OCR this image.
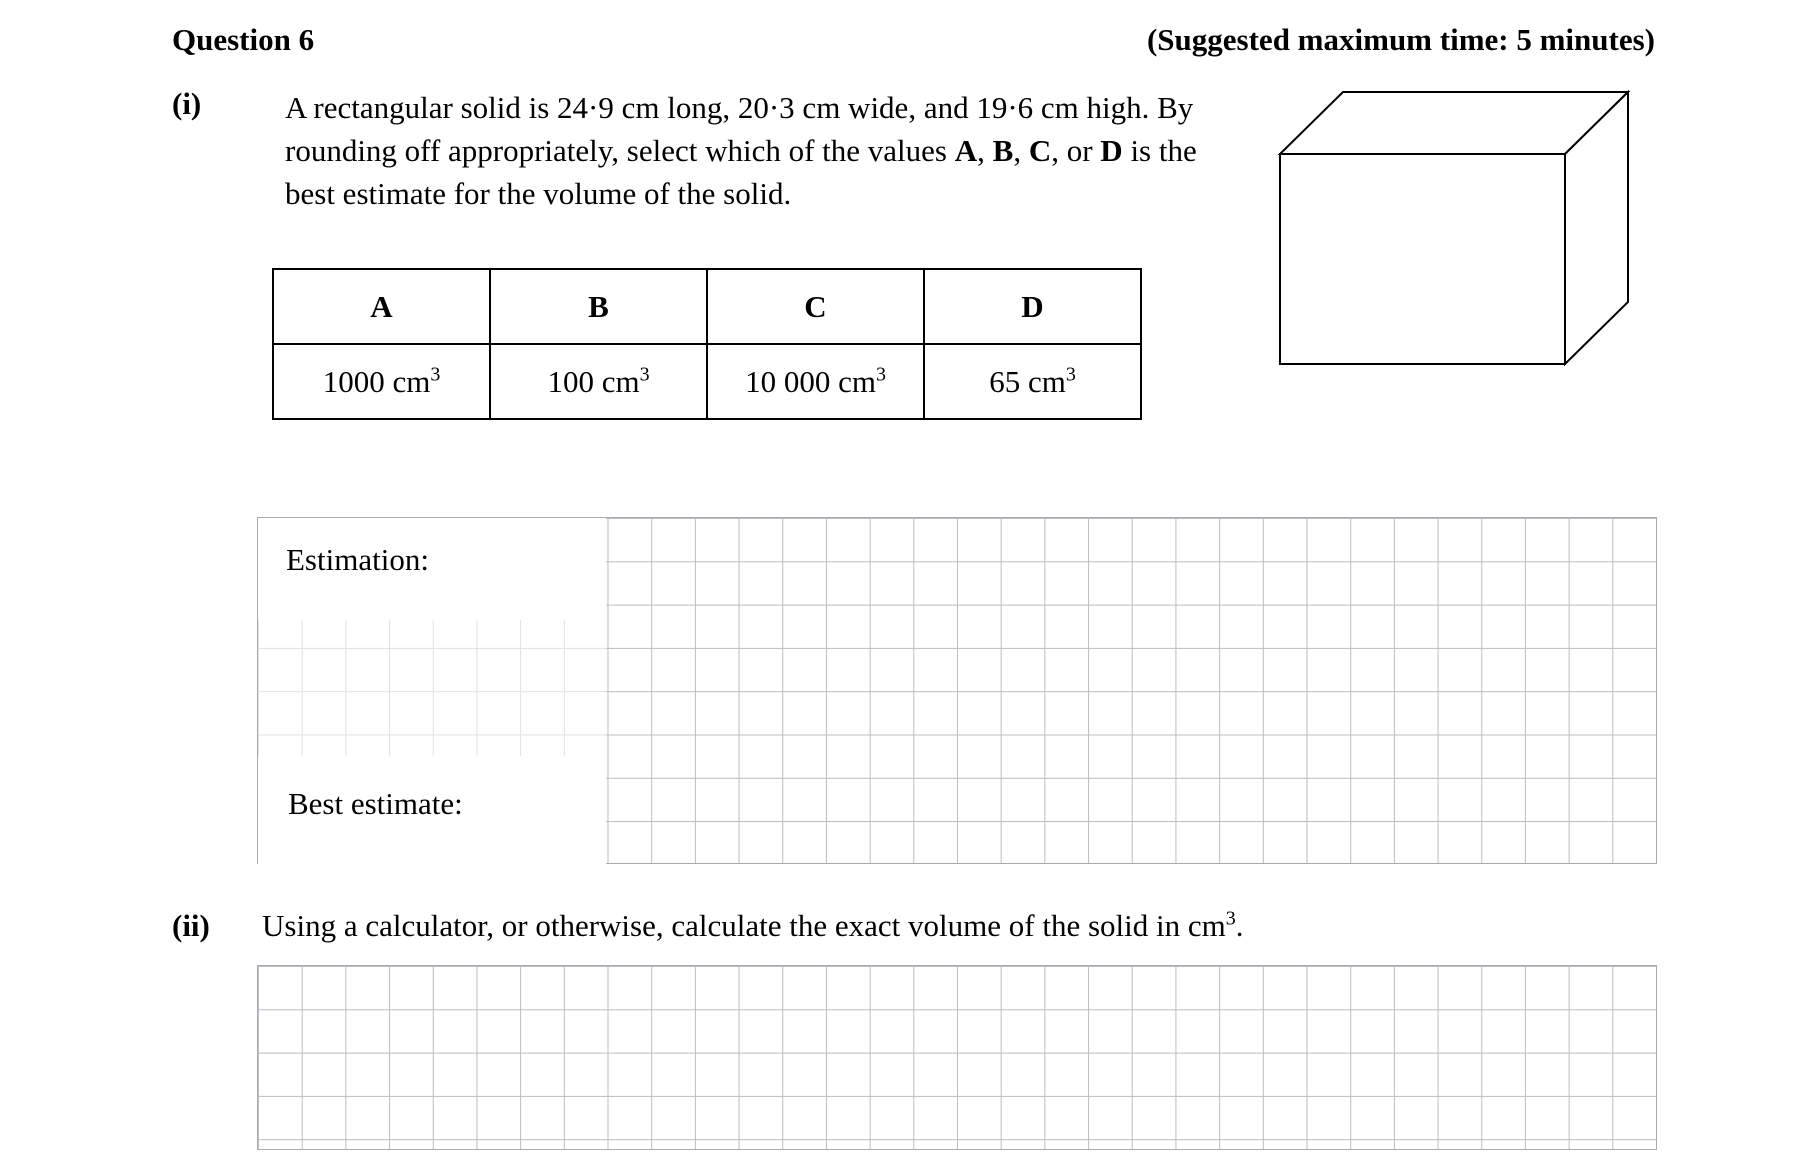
Question 6	(Suggested maximum time: 5 minutes)
(i)	A rectangular solid is 24·9 cm long, 20·3 cm wide, and 19·6 cm high. By rounding off appropriately, select which of the values A, B, C, or D is the best estimate for the volume of the solid.
A	B	C	D
1000 $cm^3$	100 $cm^3$	10 000 $cm^3$	65 $cm^3$
Estimation:
Best estimate:
(ii) Using a calculator, or otherwise, calculate the exact volume of the solid in $cm^3$.
